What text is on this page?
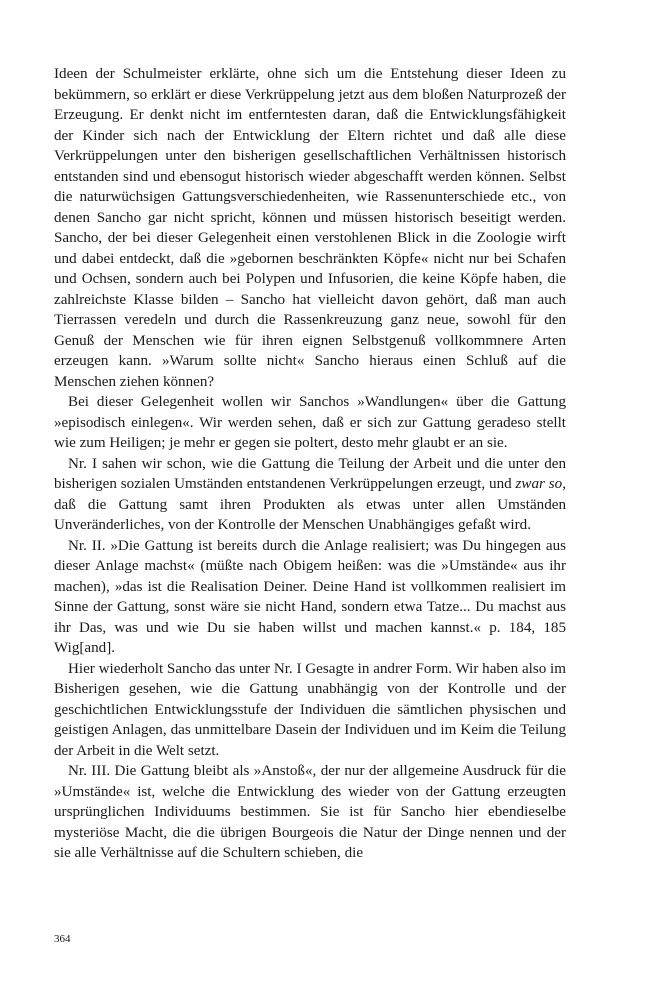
Ideen der Schulmeister erklärte, ohne sich um die Entstehung dieser Ideen zu bekümmern, so erklärt er diese Verkrüppelung jetzt aus dem bloßen Naturprozeß der Erzeugung. Er denkt nicht im entferntesten daran, daß die Entwicklungsfähigkeit der Kinder sich nach der Entwicklung der Eltern richtet und daß alle diese Verkrüppelungen unter den bisherigen gesellschaftlichen Verhältnissen historisch entstanden sind und ebensogut historisch wieder abgeschafft werden können. Selbst die naturwüchsigen Gattungsverschiedenheiten, wie Rassenunterschiede etc., von denen Sancho gar nicht spricht, können und müssen historisch beseitigt werden. Sancho, der bei dieser Gelegenheit einen verstohlenen Blick in die Zoologie wirft und dabei entdeckt, daß die »gebornen beschränkten Köpfe« nicht nur bei Schafen und Ochsen, sondern auch bei Polypen und Infusorien, die keine Köpfe haben, die zahlreichste Klasse bilden – Sancho hat vielleicht davon gehört, daß man auch Tierrassen veredeln und durch die Rassenkreuzung ganz neue, sowohl für den Genuß der Menschen wie für ihren eignen Selbstgenuß vollkommnere Arten erzeugen kann. »Warum sollte nicht« Sancho hieraus einen Schluß auf die Menschen ziehen können?

Bei dieser Gelegenheit wollen wir Sanchos »Wandlungen« über die Gattung »episodisch einlegen«. Wir werden sehen, daß er sich zur Gattung geradeso stellt wie zum Heiligen; je mehr er gegen sie poltert, desto mehr glaubt er an sie.

Nr. I sahen wir schon, wie die Gattung die Teilung der Arbeit und die unter den bisherigen sozialen Umständen entstandenen Verkrüppelungen erzeugt, und zwar so, daß die Gattung samt ihren Produkten als etwas unter allen Umständen Unveränderliches, von der Kontrolle der Menschen Unabhängiges gefaßt wird.

Nr. II. »Die Gattung ist bereits durch die Anlage realisiert; was Du hingegen aus dieser Anlage machst« (müßte nach Obigem heißen: was die »Umstände« aus ihr machen), »das ist die Realisation Deiner. Deine Hand ist vollkommen realisiert im Sinne der Gattung, sonst wäre sie nicht Hand, sondern etwa Tatze... Du machst aus ihr Das, was und wie Du sie haben willst und machen kannst.« p. 184, 185 Wig[and].

Hier wiederholt Sancho das unter Nr. I Gesagte in andrer Form. Wir haben also im Bisherigen gesehen, wie die Gattung unabhängig von der Kontrolle und der geschichtlichen Entwicklungsstufe der Individuen die sämtlichen physischen und geistigen Anlagen, das unmittelbare Dasein der Individuen und im Keim die Teilung der Arbeit in die Welt setzt.

Nr. III. Die Gattung bleibt als »Anstoß«, der nur der allgemeine Ausdruck für die »Umstände« ist, welche die Entwicklung des wieder von der Gattung erzeugten ursprünglichen Individuums bestimmen. Sie ist für Sancho hier ebendieselbe mysteriöse Macht, die die übrigen Bourgeois die Natur der Dinge nennen und der sie alle Verhältnisse auf die Schultern schieben, die

364
